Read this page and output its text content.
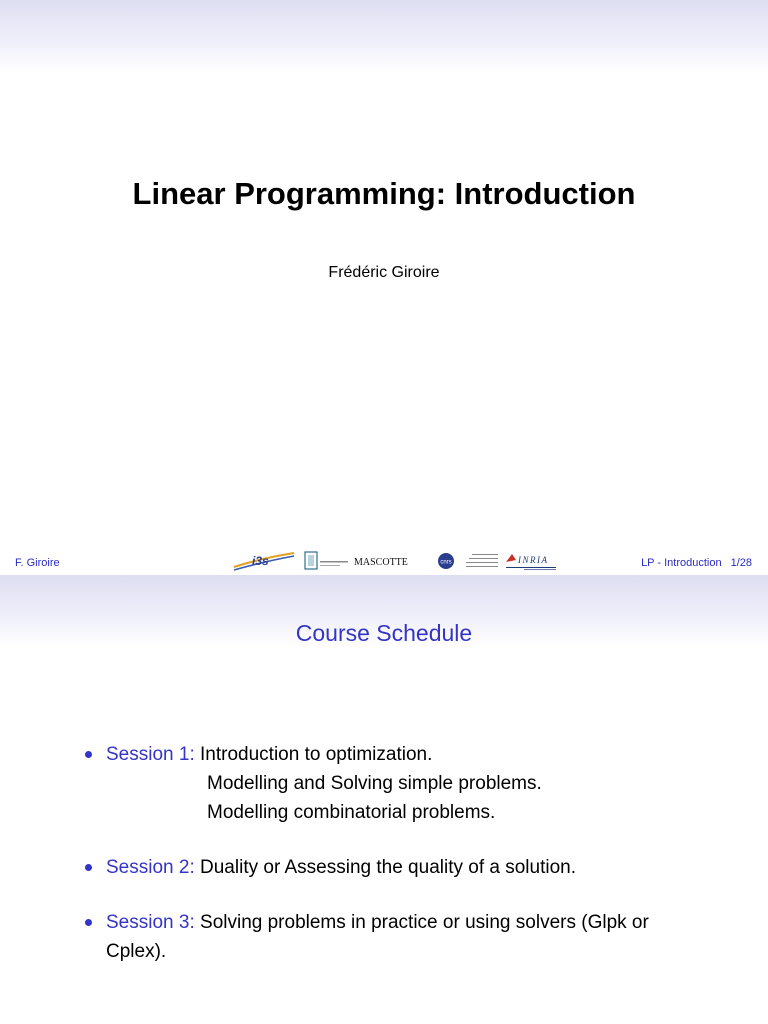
Linear Programming: Introduction
Frédéric Giroire
F. Giroire	i3s	MASCOTTE	cnrs	INRIA	LP - Introduction 1/28
Course Schedule
Session 1: Introduction to optimization.
Modelling and Solving simple problems.
Modelling combinatorial problems.
Session 2: Duality or Assessing the quality of a solution.
Session 3: Solving problems in practice or using solvers (Glpk or
Cplex).
